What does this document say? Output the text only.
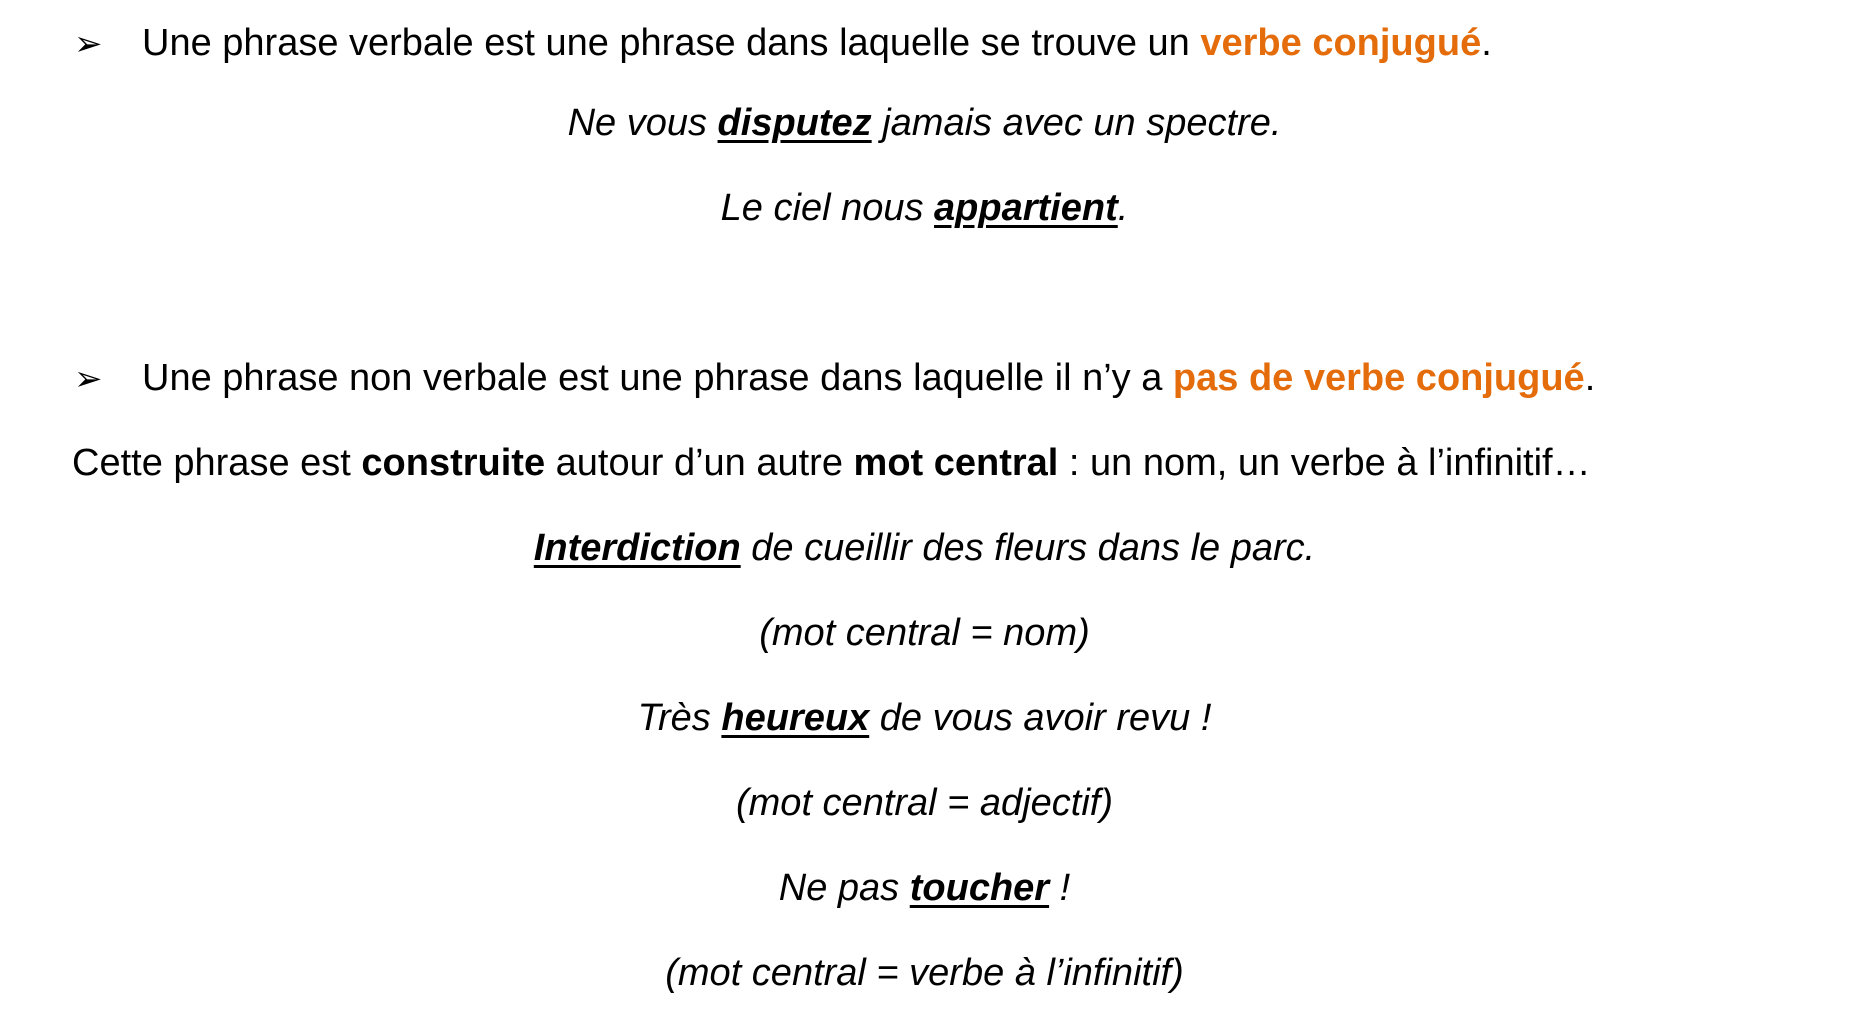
➢ Une phrase verbale est une phrase dans laquelle se trouve un verbe conjugué.
Ne vous disputez jamais avec un spectre.
Le ciel nous appartient.
➢ Une phrase non verbale est une phrase dans laquelle il n’y a pas de verbe conjugué.
Cette phrase est construite autour d’un autre mot central : un nom, un verbe à l’infinitif…
Interdiction de cueillir des fleurs dans le parc.
(mot central = nom)
Très heureux de vous avoir revu !
(mot central = adjectif)
Ne pas toucher !
(mot central = verbe à l’infinitif)
